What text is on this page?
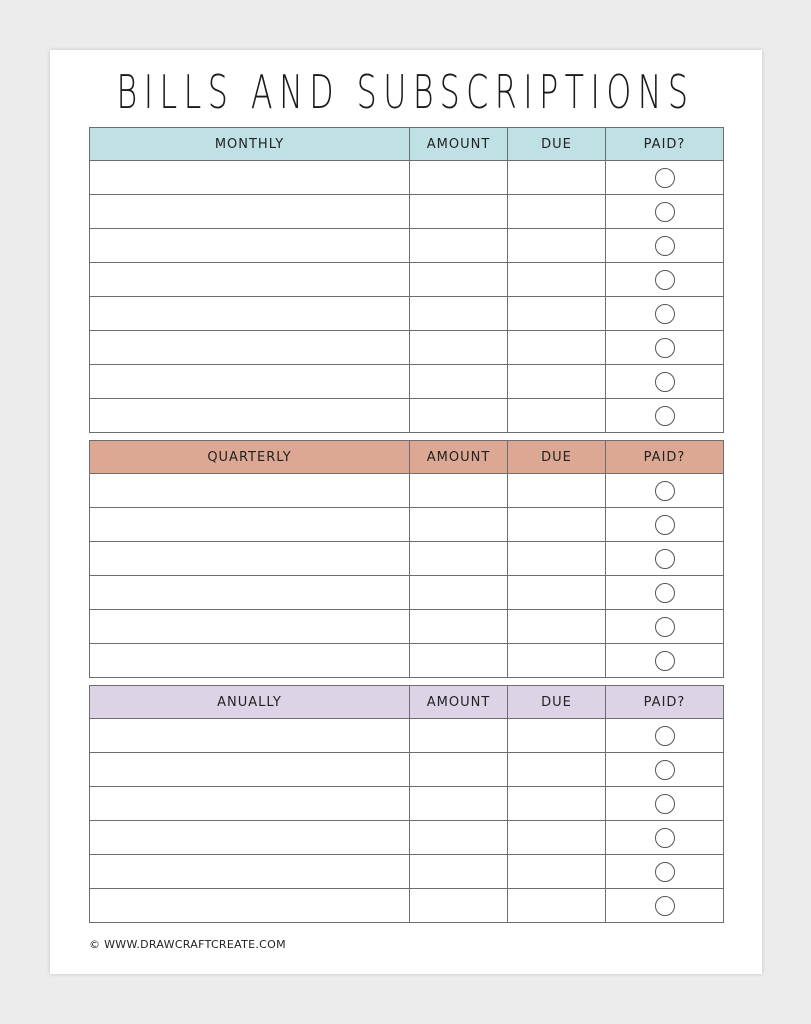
BILLS AND SUBSCRIPTIONS
MONTHLY	AMOUNT	DUE	PAID?

QUARTERLY	AMOUNT	DUE	PAID?

ANUALLY	AMOUNT	DUE	PAID?

© WWW.DRAWCRAFTCREATE.COM
